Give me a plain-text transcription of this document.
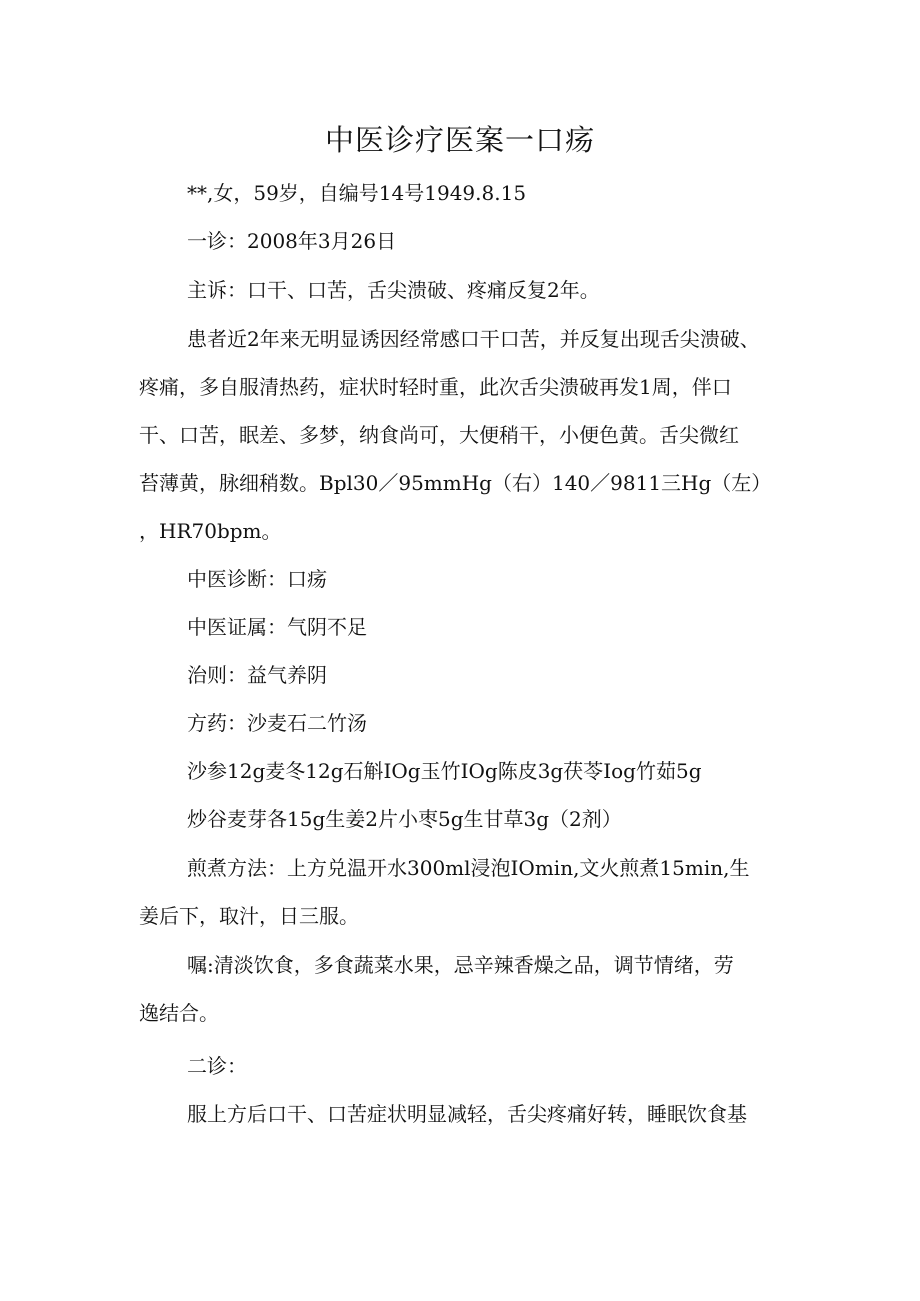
中医诊疗医案一口疡

**,女，59岁，自编号14号1949.8.15

一诊：2008年3月26日

主诉：口干、口苦，舌尖溃破、疼痛反复2年。

患者近2年来无明显诱因经常感口干口苦，并反复出现舌尖溃破、

疼痛，多自服清热药，症状时轻时重，此次舌尖溃破再发1周，伴口

干、口苦，眠差、多梦，纳食尚可，大便稍干，小便色黄。舌尖微红

苔薄黄，脉细稍数。Bpl30／95mmHg（右）140／9811三Hg（左）

，HR70bpm。

中医诊断：口疡

中医证属：气阴不足

治则：益气养阴

方药：沙麦石二竹汤

沙参12g麦冬12g石斛IOg玉竹IOg陈皮3g茯苓Iog竹茹5g

炒谷麦芽各15g生姜2片小枣5g生甘草3g（2剂）

煎煮方法：上方兑温开水300ml浸泡IOmin,文火煎煮15min,生

姜后下，取汁，日三服。

嘱:清淡饮食，多食蔬菜水果，忌辛辣香燥之品，调节情绪，劳

逸结合。

二诊：

服上方后口干、口苦症状明显减轻，舌尖疼痛好转，睡眠饮食基
